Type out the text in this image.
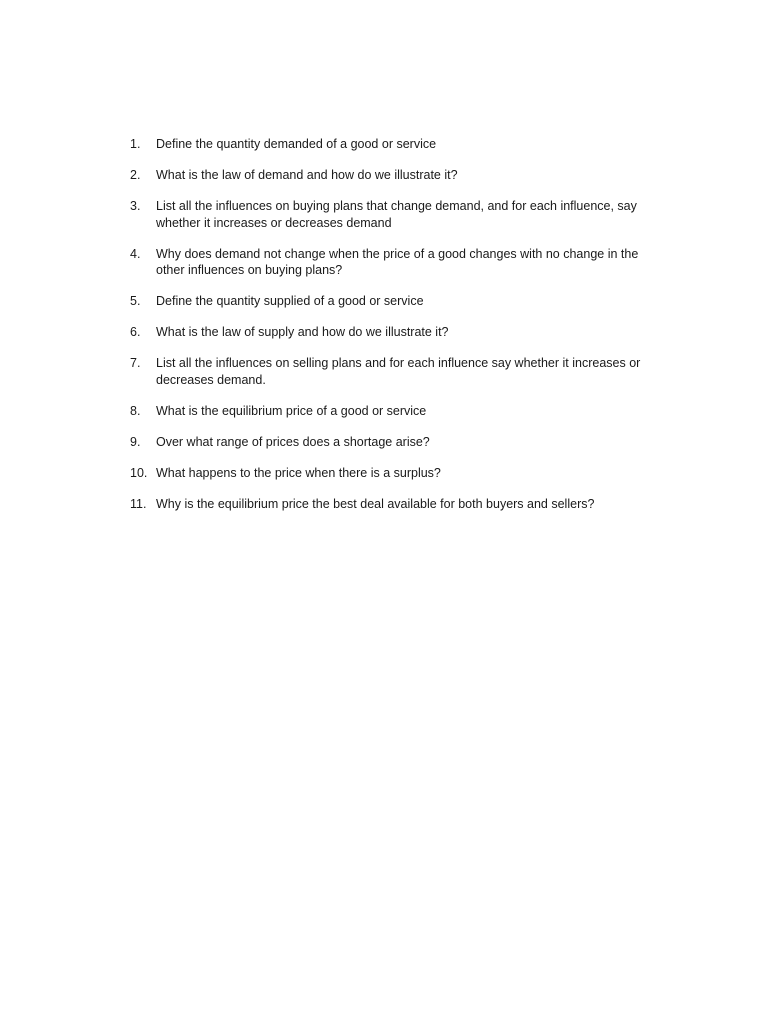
1.	Define the quantity demanded of a good or service
2.	What is the law of demand and how do we illustrate it?
3.	List all the influences on buying plans that change demand, and for each influence, say whether it increases or decreases demand
4.	Why does demand not change when the price of a good changes with no change in the other influences on buying plans?
5.	Define the quantity supplied of a good or service
6.	What is the law of supply and how do we illustrate it?
7.	List all the influences on selling plans and for each influence say whether it increases or decreases demand.
8.	What is the equilibrium price of a good or service
9.	Over what range of prices does a shortage arise?
10. What happens to the price when there is a surplus?
11. Why is the equilibrium price the best deal available for both buyers and sellers?
